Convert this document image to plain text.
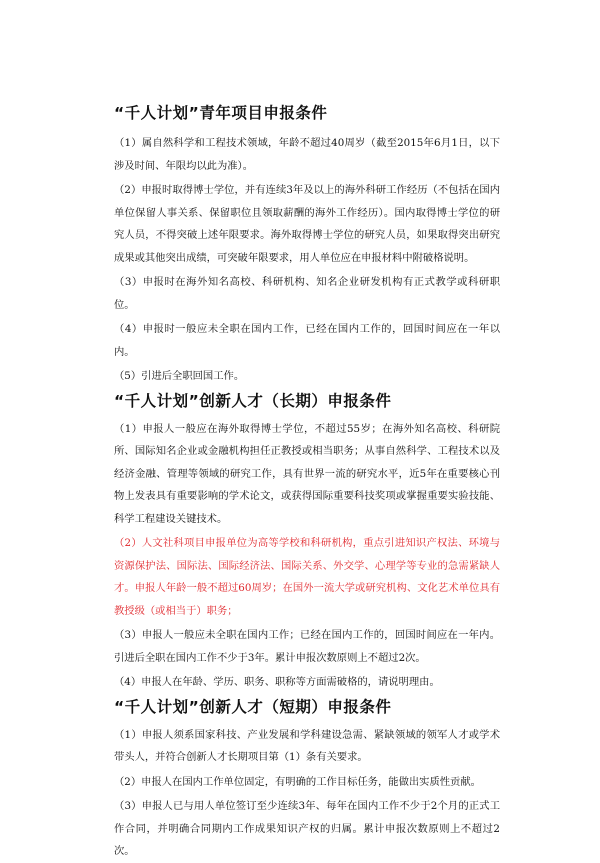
“千人计划”青年项目申报条件

（1）属自然科学和工程技术领域，年龄不超过40周岁（截至2015年6月1日，以下涉及时间、年限均以此为准）。

（2）申报时取得博士学位，并有连续3年及以上的海外科研工作经历（不包括在国内单位保留人事关系、保留职位且领取薪酬的海外工作经历）。国内取得博士学位的研究人员，不得突破上述年限要求。海外取得博士学位的研究人员，如果取得突出研究成果或其他突出成绩，可突破年限要求，用人单位应在申报材料中附破格说明。

（3）申报时在海外知名高校、科研机构、知名企业研发机构有正式教学或科研职位。

（4）申报时一般应未全职在国内工作，已经在国内工作的，回国时间应在一年以内。

（5）引进后全职回国工作。

“千人计划”创新人才（长期）申报条件

（1）申报人一般应在海外取得博士学位，不超过55岁；在海外知名高校、科研院所、国际知名企业或金融机构担任正教授或相当职务；从事自然科学、工程技术以及经济金融、管理等领域的研究工作，具有世界一流的研究水平，近5年在重要核心刊物上发表具有重要影响的学术论文，或获得国际重要科技奖项或掌握重要实验技能、科学工程建设关键技术。

（2）人文社科项目申报单位为高等学校和科研机构，重点引进知识产权法、环境与资源保护法、国际法、国际经济法、国际关系、外交学、心理学等专业的急需紧缺人才。申报人年龄一般不超过60周岁；在国外一流大学或研究机构、文化艺术单位具有教授级（或相当于）职务；

（3）申报人一般应未全职在国内工作；已经在国内工作的，回国时间应在一年内。引进后全职在国内工作不少于3年。累计申报次数原则上不超过2次。

（4）申报人在年龄、学历、职务、职称等方面需破格的，请说明理由。

“千人计划”创新人才（短期）申报条件

（1）申报人须系国家科技、产业发展和学科建设急需、紧缺领域的领军人才或学术带头人，并符合创新人才长期项目第（1）条有关要求。

（2）申报人在国内工作单位固定，有明确的工作目标任务，能做出实质性贡献。

（3）申报人已与用人单位签订至少连续3年、每年在国内工作不少于2个月的正式工作合同，并明确合同期内工作成果知识产权的归属。累计申报次数原则上不超过2次。
